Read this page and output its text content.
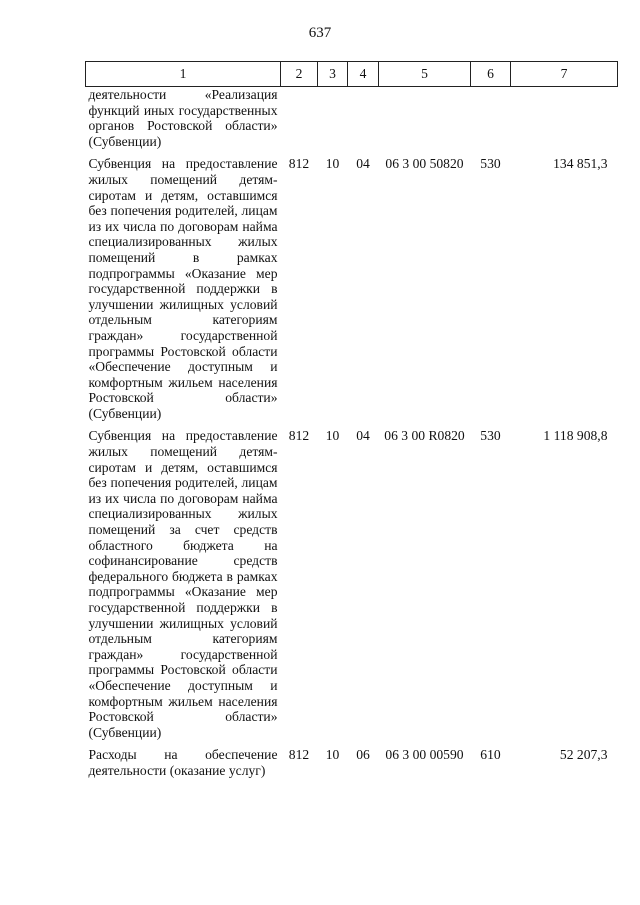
637
1	2	3	4	5	6	7
деятельности «Реализация функций иных государственных органов Ростовской области» (Субвенции)						
Субвенция на предоставление жилых помещений детям-сиротам и детям, оставшимся без попечения родителей, лицам из их числа по договорам найма специализированных жилых помещений в рамках подпрограммы «Оказание мер государственной поддержки в улучшении жилищных условий отдельным категориям граждан» государственной программы Ростовской области «Обеспечение доступным и комфортным жильем населения Ростовской области» (Субвенции)	812	10	04	06 3 00 50820	530	134 851,3
Субвенция на предоставление жилых помещений детям-сиротам и детям, оставшимся без попечения родителей, лицам из их числа по договорам найма специализированных жилых помещений за счет средств областного бюджета на софинансирование средств федерального бюджета в рамках подпрограммы «Оказание мер государственной поддержки в улучшении жилищных условий отдельным категориям граждан» государственной программы Ростовской области «Обеспечение доступным и комфортным жильем населения Ростовской области» (Субвенции)	812	10	04	06 3 00 R0820	530	1 118 908,8
Расходы на обеспечение деятельности (оказание услуг)	812	10	06	06 3 00 00590	610	52 207,3
